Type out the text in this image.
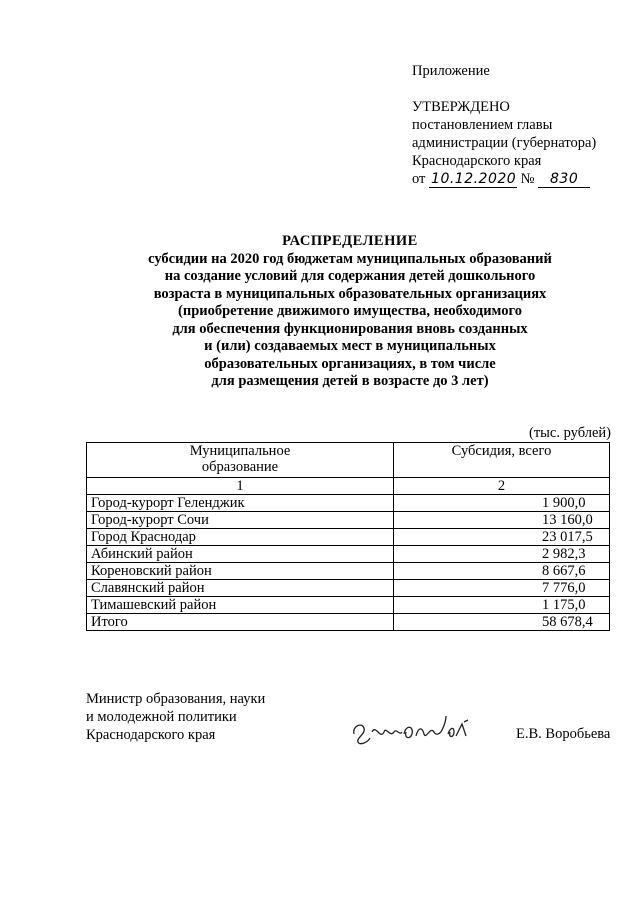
Приложение
УТВЕРЖДЕНО
постановлением главы
администрации (губернатора)
Краснодарского края
от 10.12.2020 № 830
РАСПРЕДЕЛЕНИЕ
субсидии на 2020 год бюджетам муниципальных образований
на создание условий для содержания детей дошкольного
возраста в муниципальных образовательных организациях
(приобретение движимого имущества, необходимого
для обеспечения функционирования вновь созданных
и (или) создаваемых мест в муниципальных
образовательных организациях, в том числе
для размещения детей в возрасте до 3 лет)
(тыс. рублей)
Муниципальное
образование	Субсидия, всего
1	2
Город-курорт Геленджик	1 900,0
Город-курорт Сочи	13 160,0
Город Краснодар	23 017,5
Абинский район	2 982,3
Кореновский район	8 667,6
Славянский район	7 776,0
Тимашевский район	1 175,0
Итого	58 678,4
Министр образования, науки
и молодежной политики
Краснодарского края	Е.В. Воробьева
